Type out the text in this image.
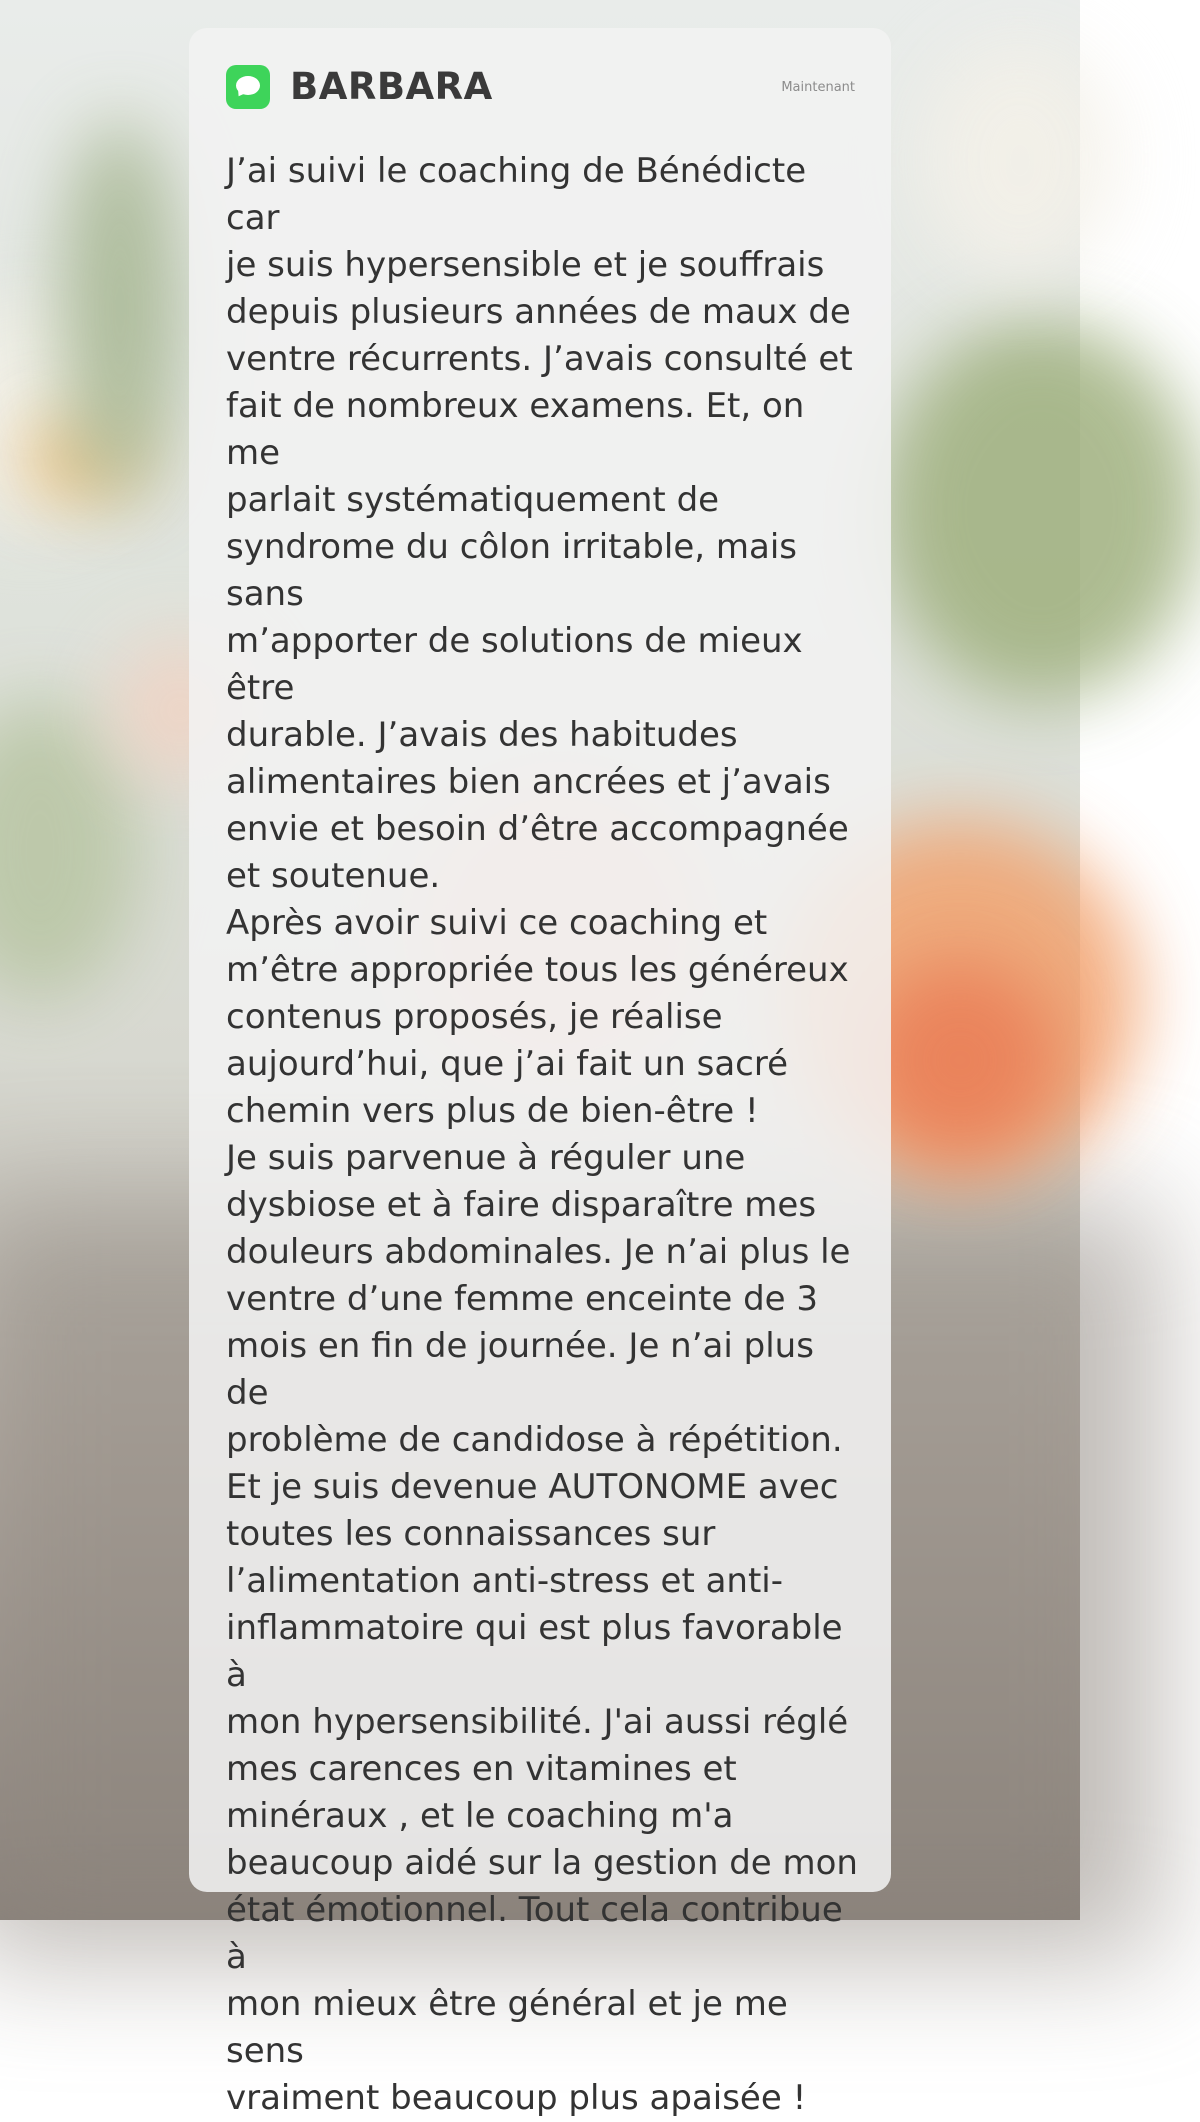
BARBARA	Maintenant

J’ai suivi le coaching de Bénédicte car
je suis hypersensible et je souffrais
depuis plusieurs années de maux de
ventre récurrents. J’avais consulté et
fait de nombreux examens. Et, on me
parlait systématiquement de
syndrome du côlon irritable, mais sans
m’apporter de solutions de mieux être
durable. J’avais des habitudes
alimentaires bien ancrées et j’avais
envie et besoin d’être accompagnée
et soutenue.
Après avoir suivi ce coaching et
m’être appropriée tous les généreux
contenus proposés, je réalise
aujourd’hui, que j’ai fait un sacré
chemin vers plus de bien-être !
Je suis parvenue à réguler une
dysbiose et à faire disparaître mes
douleurs abdominales. Je n’ai plus le
ventre d’une femme enceinte de 3
mois en fin de journée. Je n’ai plus de
problème de candidose à répétition.
Et je suis devenue AUTONOME avec
toutes les connaissances sur
l’alimentation anti-stress et anti-
inflammatoire qui est plus favorable à
mon hypersensibilité. J'ai aussi réglé
mes carences en vitamines et
minéraux , et le coaching m'a
beaucoup aidé sur la gestion de mon
état émotionnel. Tout cela contribue à
mon mieux être général et je me sens
vraiment beaucoup plus apaisée !
